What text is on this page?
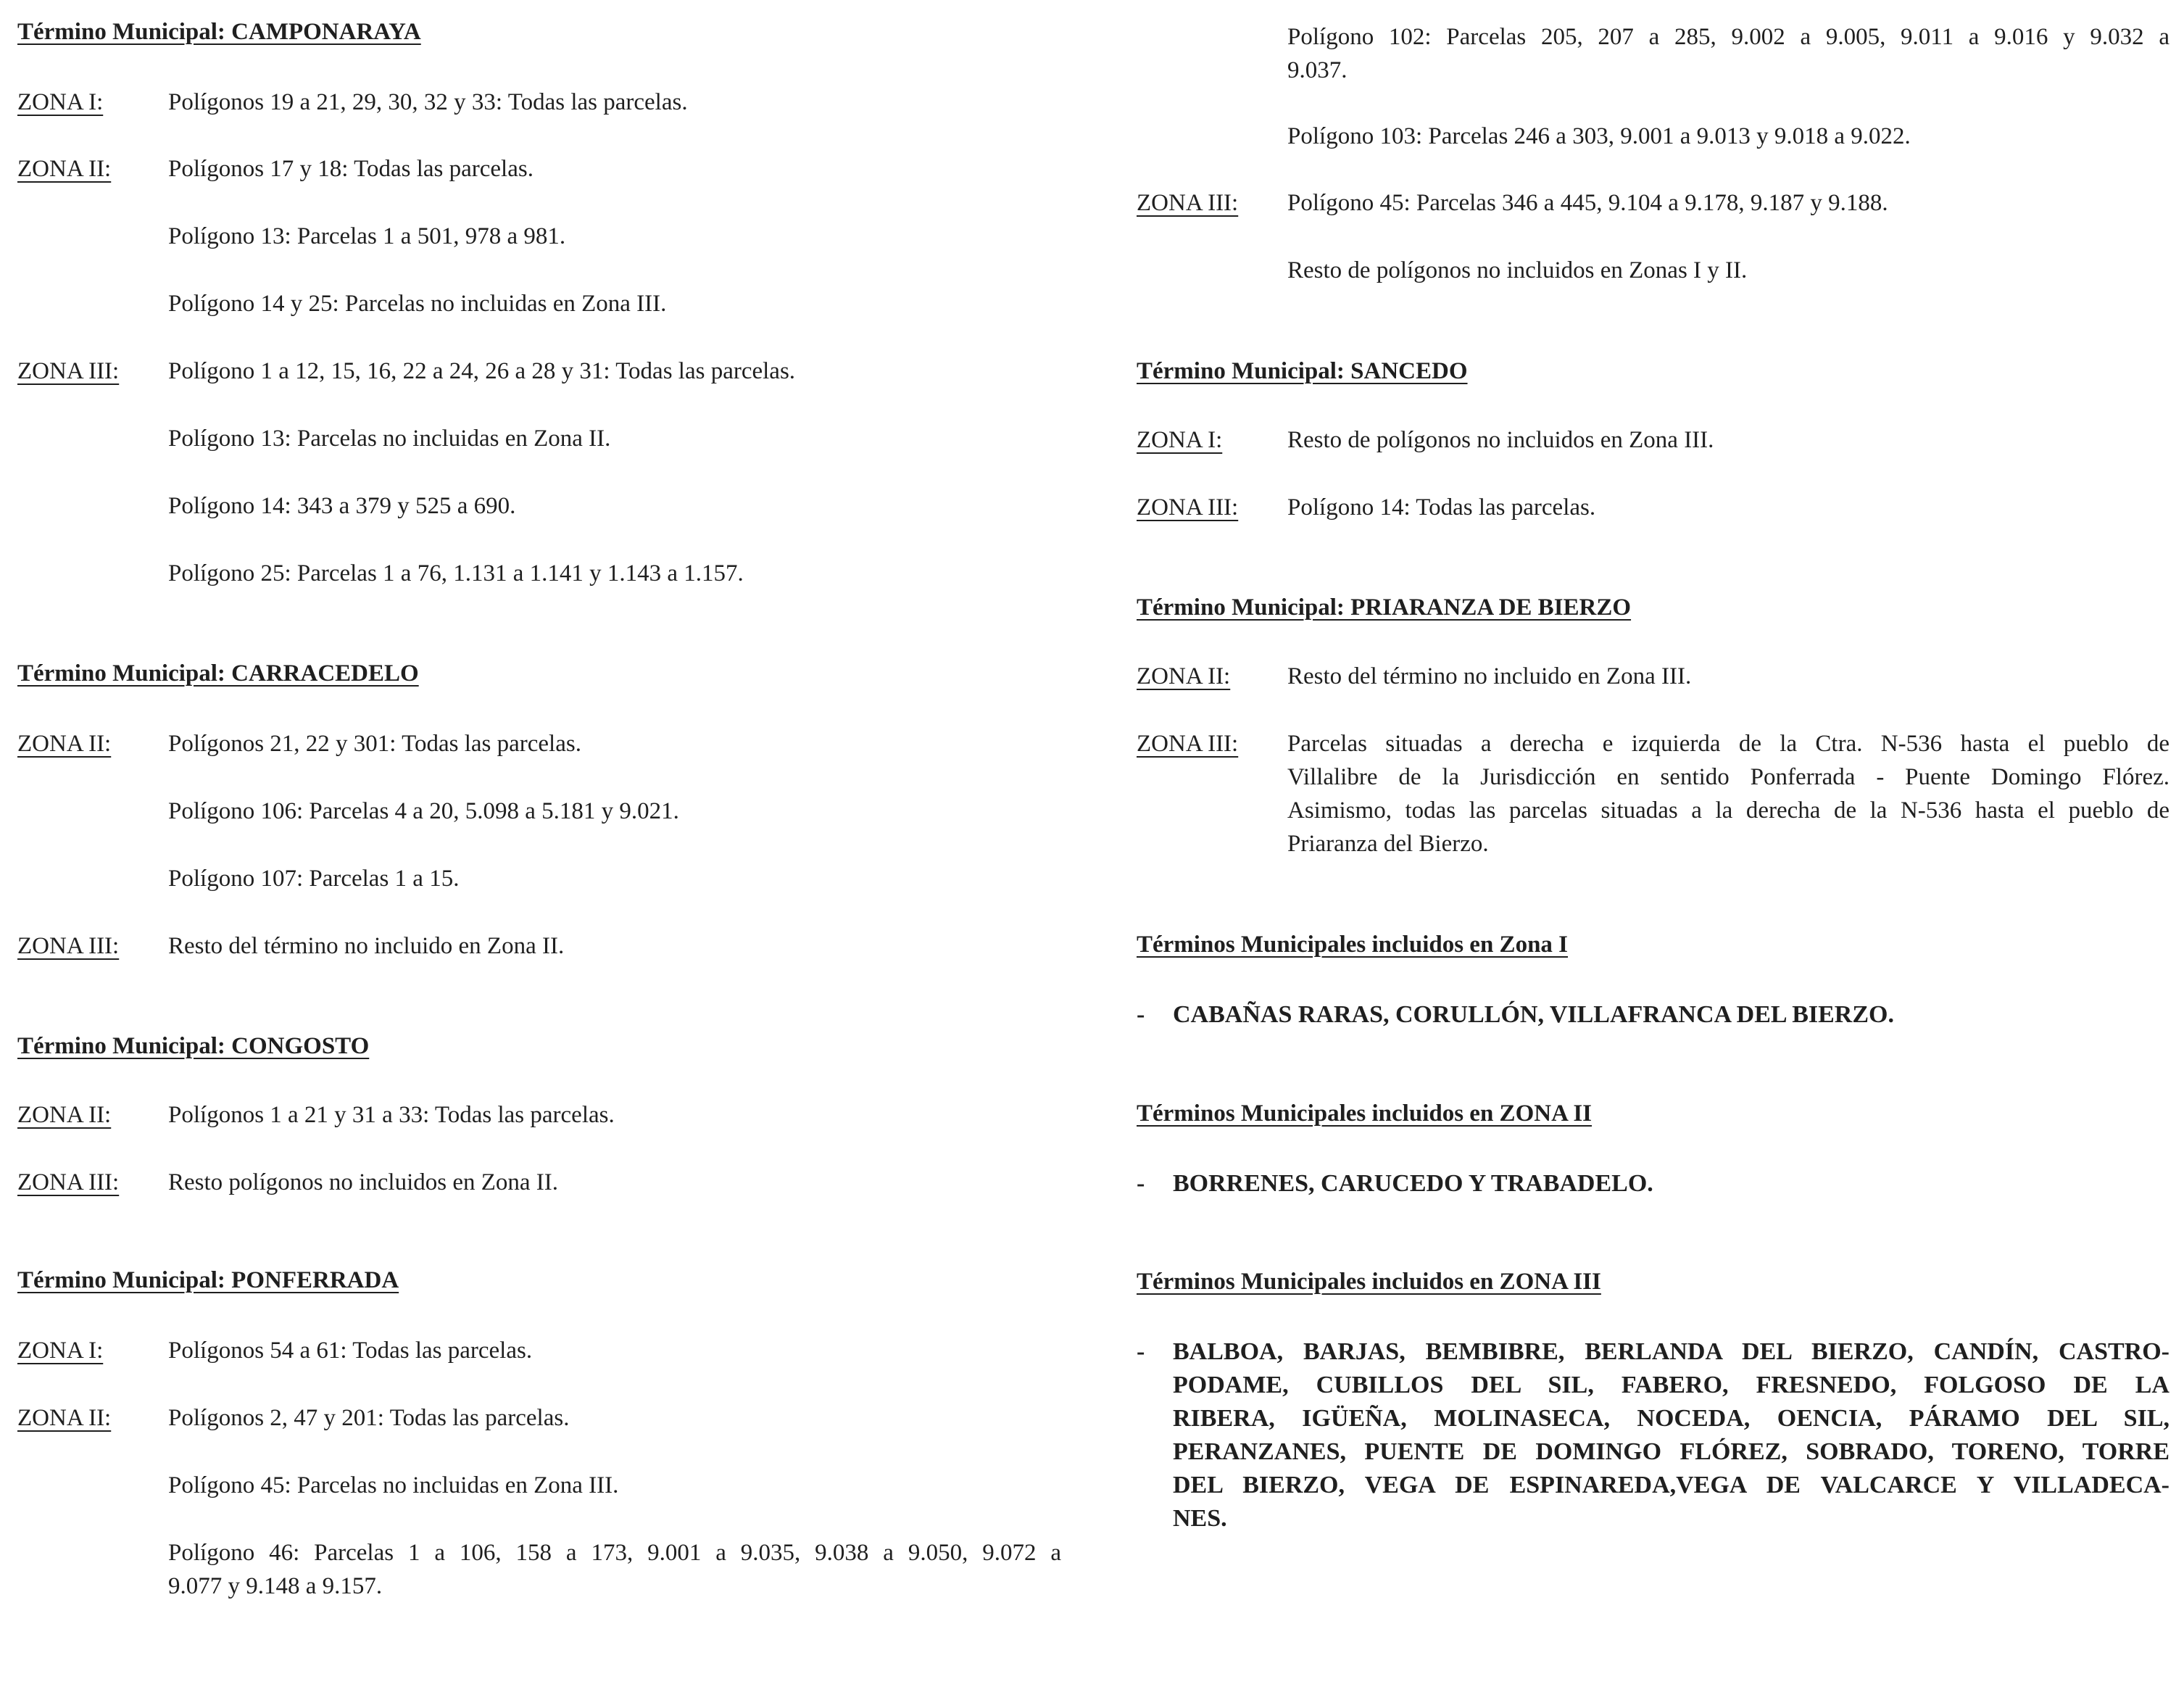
Término Municipal: CAMPONARAYA
ZONA I:	Polígonos 19 a 21, 29, 30, 32 y 33: Todas las parcelas.
ZONA II:	Polígonos 17 y 18: Todas las parcelas.
Polígono 13: Parcelas 1 a 501, 978 a 981.
Polígono 14 y 25: Parcelas no incluidas en Zona III.
ZONA III:	Polígono 1 a 12, 15, 16, 22 a 24, 26 a 28 y 31: Todas las parcelas.
Polígono 13: Parcelas no incluidas en Zona II.
Polígono 14: 343 a 379 y 525 a 690.
Polígono 25: Parcelas 1 a 76, 1.131 a 1.141 y 1.143 a 1.157.
Término Municipal: CARRACEDELO
ZONA II:	Polígonos 21, 22 y 301: Todas las parcelas.
Polígono 106: Parcelas 4 a 20, 5.098 a 5.181 y 9.021.
Polígono 107: Parcelas 1 a 15.
ZONA III:	Resto del término no incluido en Zona II.
Término Municipal: CONGOSTO
ZONA II:	Polígonos 1 a 21 y 31 a 33: Todas las parcelas.
ZONA III:	Resto polígonos no incluidos en Zona II.
Término Municipal: PONFERRADA
ZONA I:	Polígonos 54 a 61: Todas las parcelas.
ZONA II:	Polígonos 2, 47 y 201: Todas las parcelas.
Polígono 45: Parcelas no incluidas en Zona III.
Polígono 46: Parcelas 1 a 106, 158 a 173, 9.001 a 9.035, 9.038 a 9.050, 9.072 a
9.077 y 9.148 a 9.157.
Polígono 102: Parcelas 205, 207 a 285, 9.002 a 9.005, 9.011 a 9.016 y 9.032 a
9.037.
Polígono 103: Parcelas 246 a 303, 9.001 a 9.013 y 9.018 a 9.022.
ZONA III:	Polígono 45: Parcelas 346 a 445, 9.104 a 9.178, 9.187 y 9.188.
Resto de polígonos no incluidos en Zonas I y II.
Término Municipal: SANCEDO
ZONA I:	Resto de polígonos no incluidos en Zona III.
ZONA III:	Polígono 14: Todas las parcelas.
Término Municipal: PRIARANZA DE BIERZO
ZONA II:	Resto del término no incluido en Zona III.
ZONA III:	Parcelas situadas a derecha e izquierda de la Ctra. N-536 hasta el pueblo de
Villalibre de la Jurisdicción en sentido Ponferrada - Puente Domingo Flórez.
Asimismo, todas las parcelas situadas a la derecha de la N-536 hasta el pueblo de
Priaranza del Bierzo.
Términos Municipales incluidos en Zona I
- CABAÑAS RARAS, CORULLÓN, VILLAFRANCA DEL BIERZO.
Términos Municipales incluidos en ZONA II
- BORRENES, CARUCEDO Y TRABADELO.
Términos Municipales incluidos en ZONA III
- BALBOA, BARJAS, BEMBIBRE, BERLANDA DEL BIERZO, CANDÍN, CASTRO-
PODAME, CUBILLOS DEL SIL, FABERO, FRESNEDO, FOLGOSO DE LA
RIBERA, IGÜEÑA, MOLINASECA, NOCEDA, OENCIA, PÁRAMO DEL SIL,
PERANZANES, PUENTE DE DOMINGO FLÓREZ, SOBRADO, TORENO, TORRE
DEL BIERZO, VEGA DE ESPINAREDA,VEGA DE VALCARCE Y VILLADECA-
NES.
